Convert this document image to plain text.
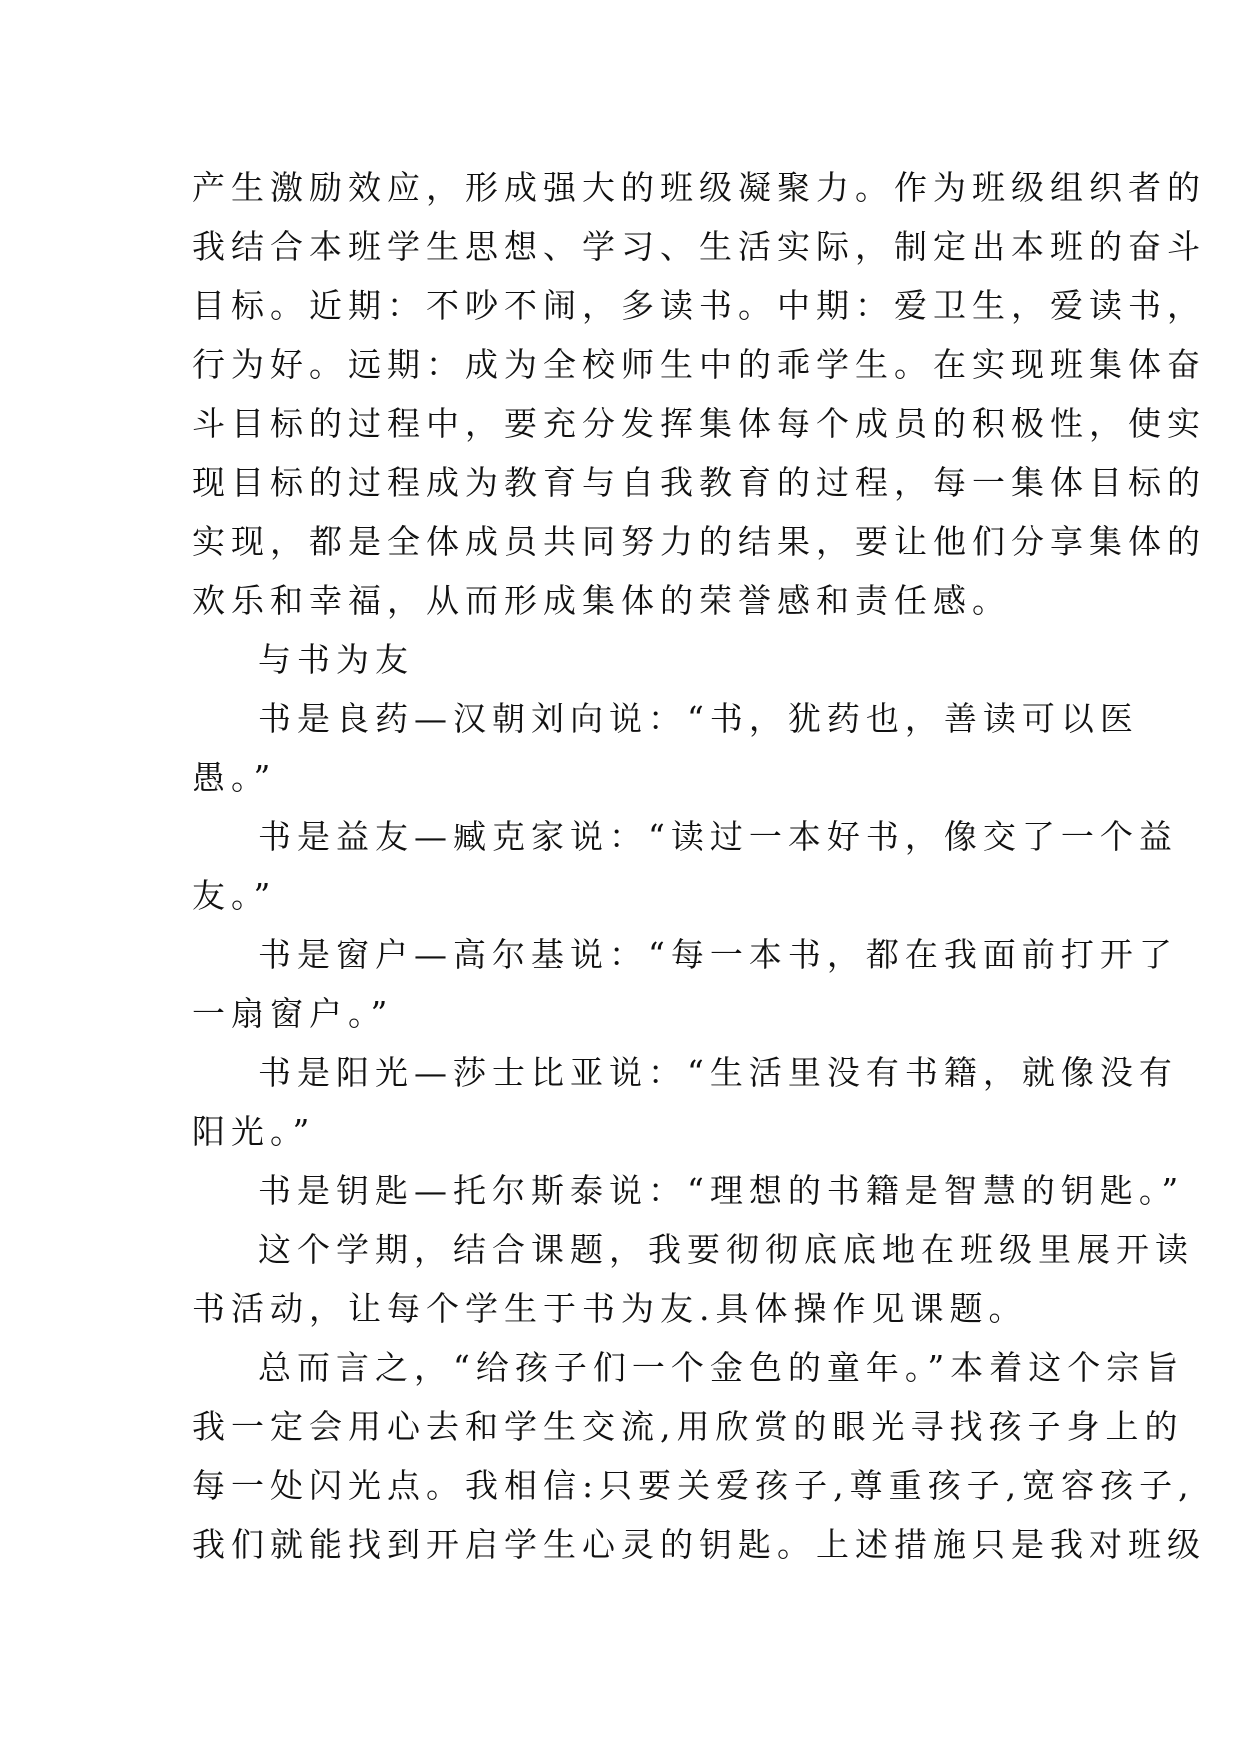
产生激励效应，形成强大的班级凝聚力。作为班级组织者的
我结合本班学生思想、学习、生活实际，制定出本班的奋斗
目标。近期：不吵不闹，多读书。中期：爱卫生，爱读书，
行为好。远期：成为全校师生中的乖学生。在实现班集体奋
斗目标的过程中，要充分发挥集体每个成员的积极性，使实
现目标的过程成为教育与自我教育的过程，每一集体目标的
实现，都是全体成员共同努力的结果，要让他们分享集体的
欢乐和幸福，从而形成集体的荣誉感和责任感。
与书为友
书是良药—汉朝刘向说：“书，犹药也，善读可以医
愚。”
书是益友—臧克家说：“读过一本好书，像交了一个益
友。”
书是窗户—高尔基说：“每一本书，都在我面前打开了
一扇窗户。”
书是阳光—莎士比亚说：“生活里没有书籍，就像没有
阳光。”
书是钥匙—托尔斯泰说：“理想的书籍是智慧的钥匙。”
这个学期，结合课题，我要彻彻底底地在班级里展开读
书活动，让每个学生于书为友.具体操作见课题。
总而言之，“给孩子们一个金色的童年。”本着这个宗旨
我一定会用心去和学生交流,用欣赏的眼光寻找孩子身上的
每一处闪光点。我相信:只要关爱孩子,尊重孩子,宽容孩子,
我们就能找到开启学生心灵的钥匙。上述措施只是我对班级
